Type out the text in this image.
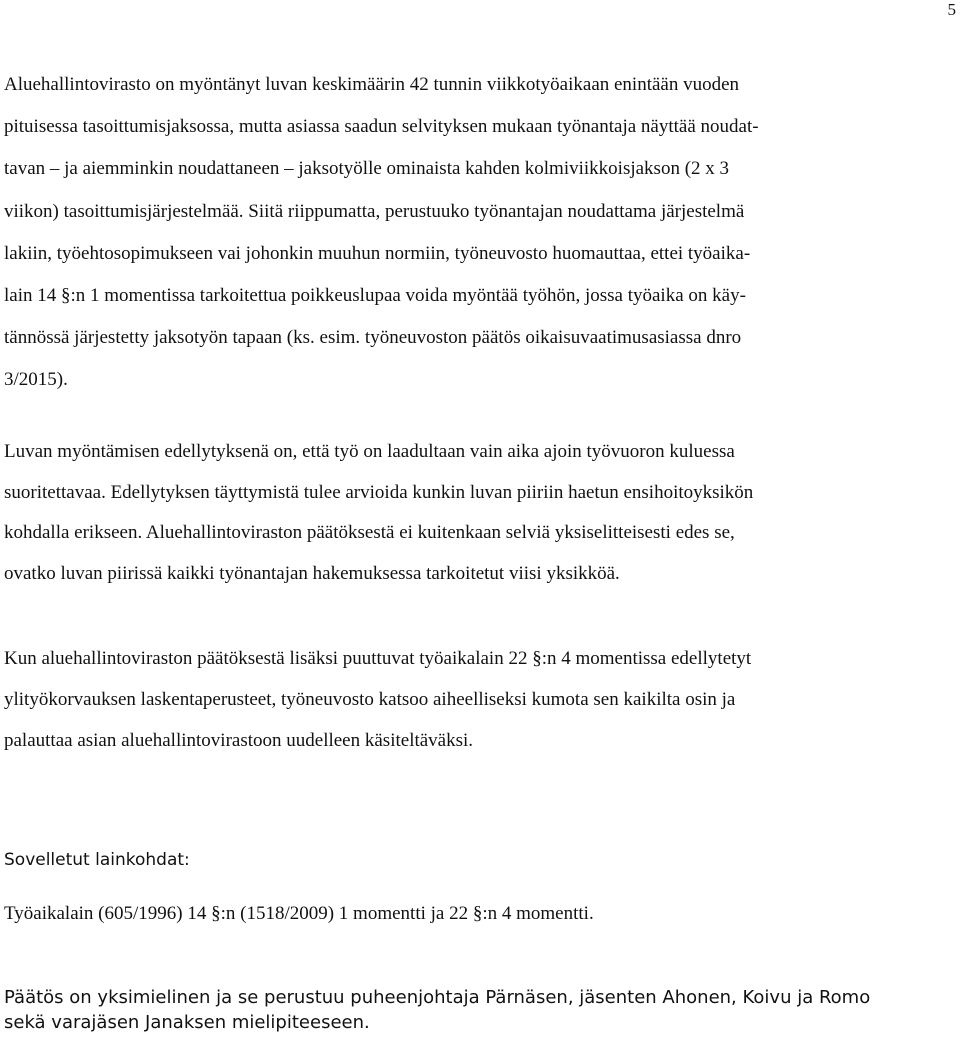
5

Aluehallintovirasto on myöntänyt luvan keskimäärin 42 tunnin viikkotyöaikaan enintään vuoden
pituisessa tasoittumisjaksossa, mutta asiassa saadun selvityksen mukaan työnantaja näyttää noudat-
tavan – ja aiemminkin noudattaneen – jaksotyölle ominaista kahden kolmiviikkoisjakson (2 x 3
viikon) tasoittumisjärjestelmää. Siitä riippumatta, perustuuko työnantajan noudattama järjestelmä
lakiin, työehtosopimukseen vai johonkin muuhun normiin, työneuvosto huomauttaa, ettei työaika-
lain 14 §:n 1 momentissa tarkoitettua poikkeuslupaa voida myöntää työhön, jossa työaika on käy-
tännössä järjestetty jaksotyön tapaan (ks. esim. työneuvoston päätös oikaisuvaatimusasiassa dnro
3/2015).

Luvan myöntämisen edellytyksenä on, että työ on laadultaan vain aika ajoin työvuoron kuluessa
suoritettavaa. Edellytyksen täyttymistä tulee arvioida kunkin luvan piiriin haetun ensihoitoyksikön
kohdalla erikseen. Aluehallintoviraston päätöksestä ei kuitenkaan selviä yksiselitteisesti edes se,
ovatko luvan piirissä kaikki työnantajan hakemuksessa tarkoitetut viisi yksikköä.

Kun aluehallintoviraston päätöksestä lisäksi puuttuvat työaikalain 22 §:n 4 momentissa edellytetyt
ylityökorvauksen laskentaperusteet, työneuvosto katsoo aiheelliseksi kumota sen kaikilta osin ja
palauttaa asian aluehallintovirastoon uudelleen käsiteltäväksi.

Sovelletut lainkohdat:

Työaikalain (605/1996) 14 §:n (1518/2009) 1 momentti ja 22 §:n 4 momentti.

Päätös on yksimielinen ja se perustuu puheenjohtaja Pärnäsen, jäsenten Ahonen, Koivu ja Romo
sekä varajäsen Janaksen mielipiteeseen.
